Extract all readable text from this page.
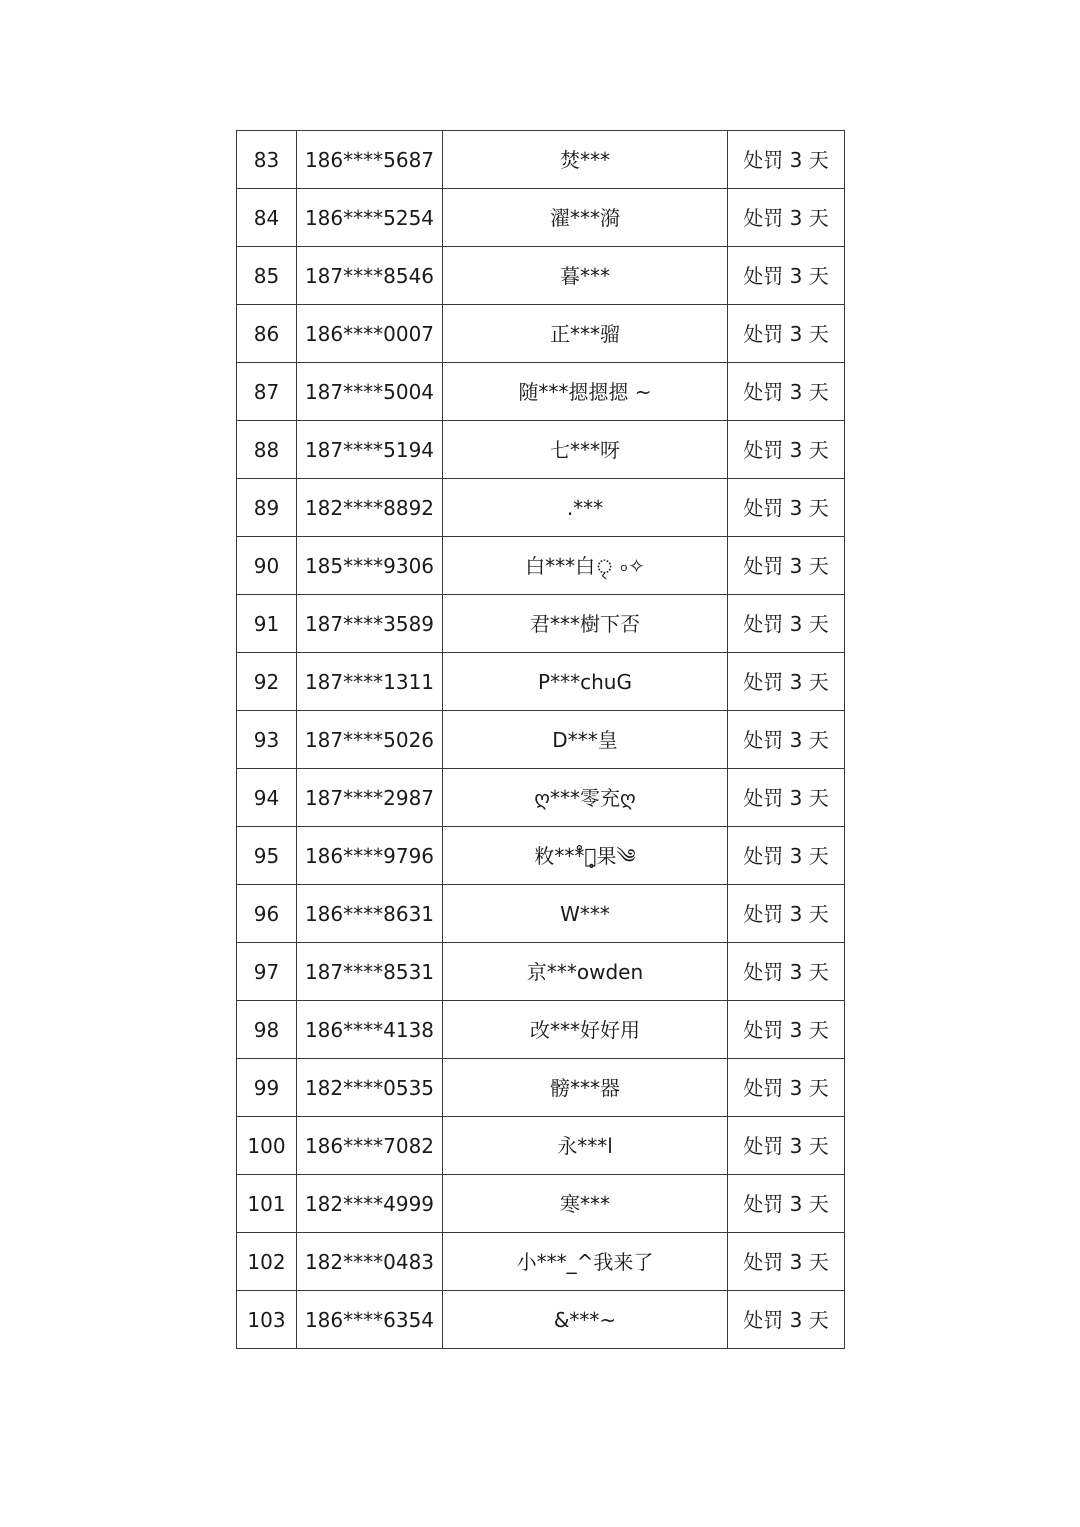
83	186****5687	焚***	处罚 3 天
84	186****5254	濯***漪	处罚 3 天
85	187****8546	暮***	处罚 3 天
86	186****0007	正***骝	处罚 3 天
87	187****5004	随***摁摁摁 ~	处罚 3 天
88	187****5194	七***呀	处罚 3 天
89	182****8892	.***	处罚 3 天
90	185****9306	白***白ৃ ৹✧	处罚 3 天
91	187****3589	君***樹下否	处罚 3 天
92	187****1311	P***chuG	处罚 3 天
93	187****5026	D***皇	处罚 3 天
94	187****2987	ღ***零充ღ	处罚 3 天
95	186****9796	敉***̊苹̥果༄	处罚 3 天
96	186****8631	W***	处罚 3 天
97	187****8531	京***owden	处罚 3 天
98	186****4138	改***好好用	处罚 3 天
99	182****0535	髈***器	处罚 3 天
100	186****7082	永***l	处罚 3 天
101	182****4999	寒***	处罚 3 天
102	182****0483	小***_^我来了	处罚 3 天
103	186****6354	&***~	处罚 3 天
